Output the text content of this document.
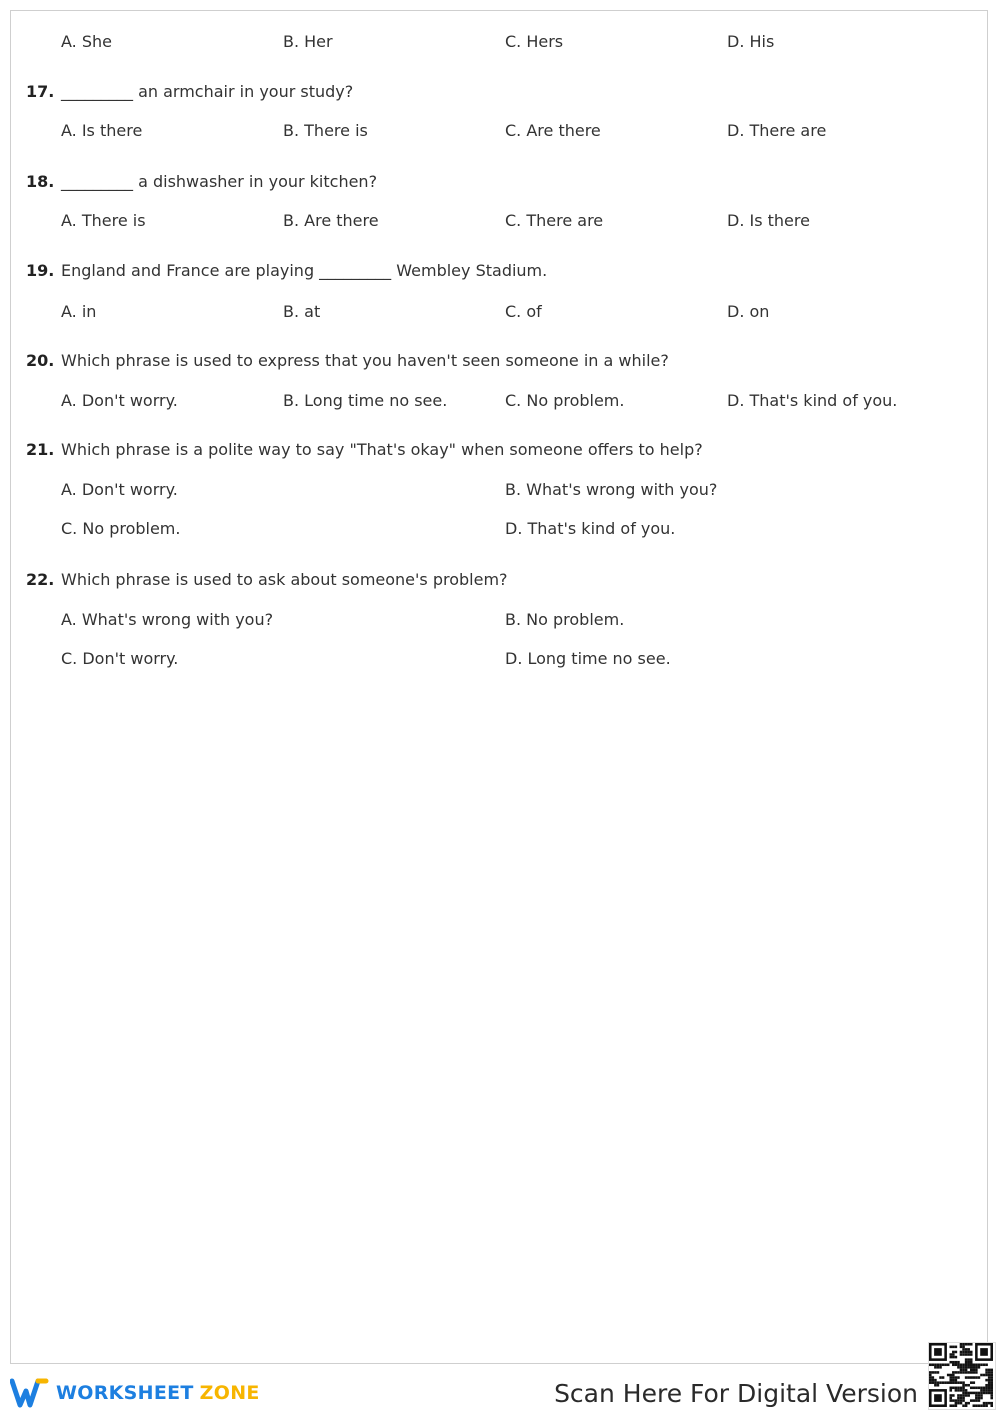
A. She	B. Her	C. Hers	D. His
17. _________ an armchair in your study?
A. Is there	B. There is	C. Are there	D. There are
18. _________ a dishwasher in your kitchen?
A. There is	B. Are there	C. There are	D. Is there
19. England and France are playing _________ Wembley Stadium.
A. in	B. at	C. of	D. on
20. Which phrase is used to express that you haven't seen someone in a while?
A. Don't worry.	B. Long time no see.	C. No problem.	D. That's kind of you.
21. Which phrase is a polite way to say "That's okay" when someone offers to help?
A. Don't worry.	B. What's wrong with you?
C. No problem.	D. That's kind of you.
22. Which phrase is used to ask about someone's problem?
A. What's wrong with you?	B. No problem.
C. Don't worry.	D. Long time no see.
WORKSHEET ZONE	Scan Here For Digital Version
